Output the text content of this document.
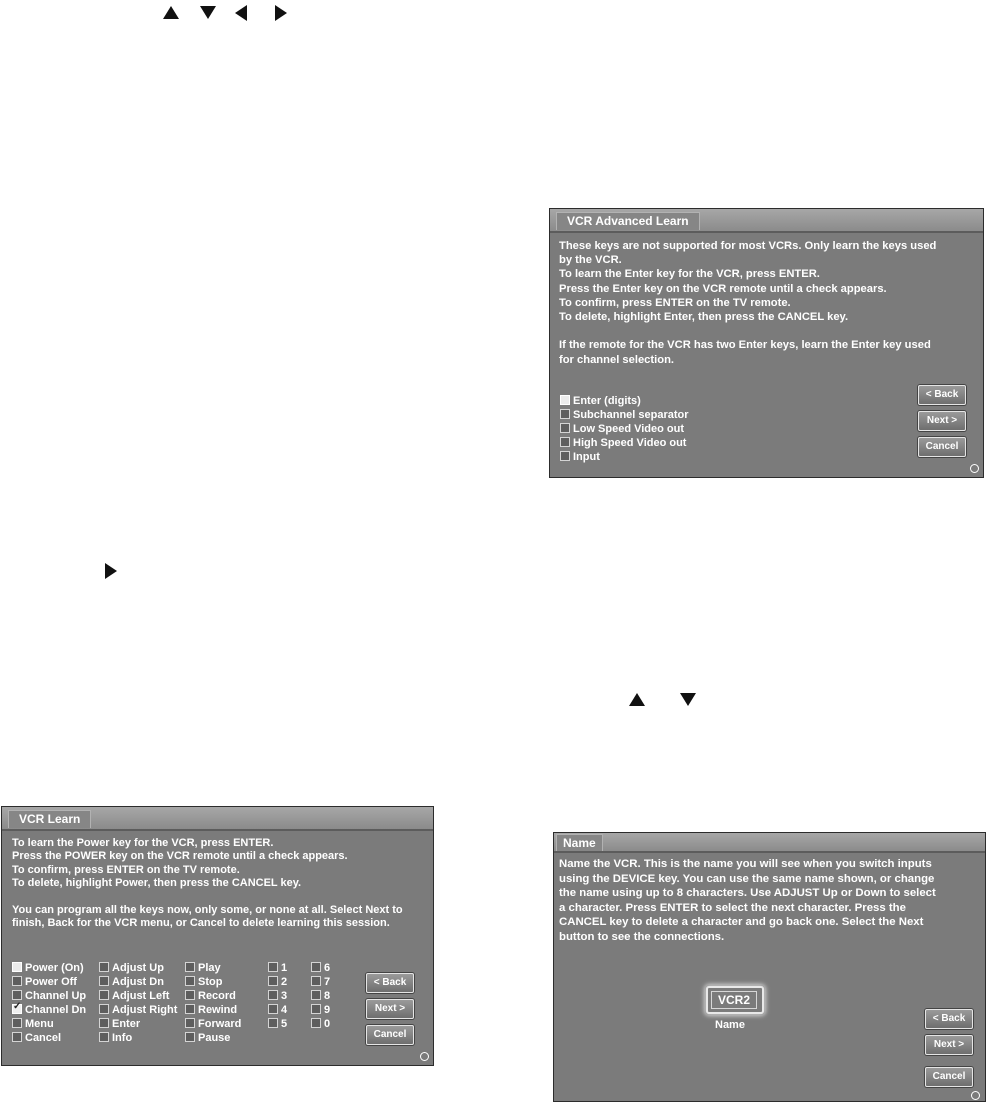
VCR Advanced Learn
These keys are not supported for most VCRs. Only learn the keys used
by the VCR.
To learn the Enter key for the VCR, press ENTER.
Press the Enter key on the VCR remote until a check appears.
To confirm, press ENTER on the TV remote.
To delete, highlight Enter, then press the CANCEL key.

If the remote for the VCR has two Enter keys, learn the Enter key used
for channel selection.
Enter (digits)
Subchannel separator
Low Speed Video out
High Speed Video out
Input
< Back
Next >
Cancel
VCR Learn
To learn the Power key for the VCR, press ENTER.
Press the POWER key on the VCR remote until a check appears.
To confirm, press ENTER on the TV remote.
To delete, highlight Power, then press the CANCEL key.

You can program all the keys now, only some, or none at all. Select Next to
finish, Back for the VCR menu, or Cancel to delete learning this session.
Power (On)
Power Off
Channel Up
✓Channel Dn
Menu
Cancel
Adjust Up
Adjust Dn
Adjust Left
Adjust Right
Enter
Info
Play
Stop
Record
Rewind
Forward
Pause
1
2
3
4
5
6
7
8
9
0
< Back
Next >
Cancel
Name
Name the VCR. This is the name you will see when you switch inputs
using the DEVICE key. You can use the same name shown, or change
the name using up to 8 characters. Use ADJUST Up or Down to select
a character. Press ENTER to select the next character. Press the
CANCEL key to delete a character and go back one. Select the Next
button to see the connections.
VCR2
Name
< Back
Next >
Cancel
